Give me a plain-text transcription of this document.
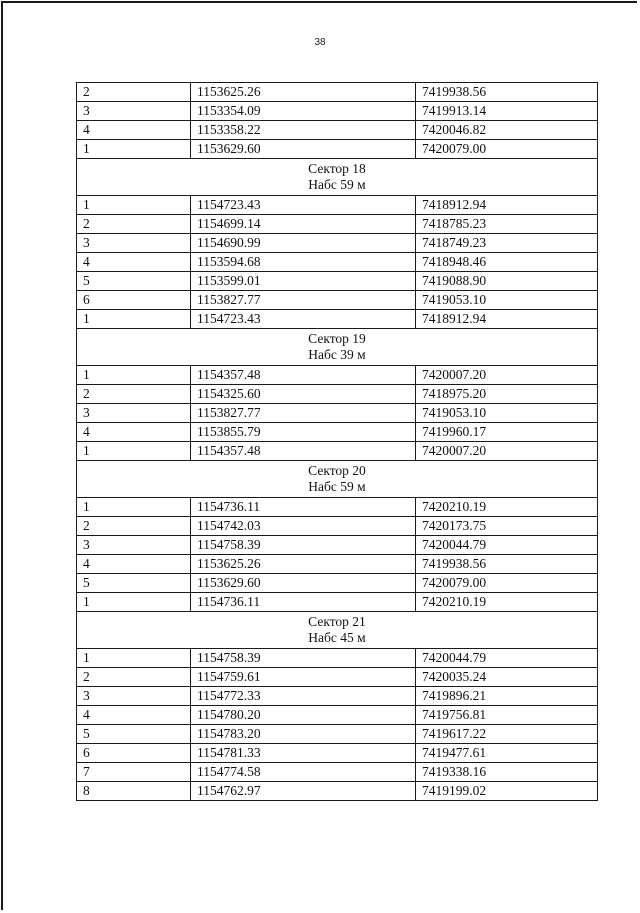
38
2	1153625.26	7419938.56
3	1153354.09	7419913.14
4	1153358.22	7420046.82
1	1153629.60	7420079.00

Сектор 18
Набс 59 м		

1	1154723.43	7418912.94
2	1154699.14	7418785.23
3	1154690.99	7418749.23
4	1153594.68	7418948.46
5	1153599.01	7419088.90
6	1153827.77	7419053.10
1	1154723.43	7418912.94

Сектор 19
Набс 39 м		

1	1154357.48	7420007.20
2	1154325.60	7418975.20
3	1153827.77	7419053.10
4	1153855.79	7419960.17
1	1154357.48	7420007.20

Сектор 20
Набс 59 м		

1	1154736.11	7420210.19
2	1154742.03	7420173.75
3	1154758.39	7420044.79
4	1153625.26	7419938.56
5	1153629.60	7420079.00
1	1154736.11	7420210.19

Сектор 21
Набс 45 м		

1	1154758.39	7420044.79
2	1154759.61	7420035.24
3	1154772.33	7419896.21
4	1154780.20	7419756.81
5	1154783.20	7419617.22
6	1154781.33	7419477.61
7	1154774.58	7419338.16
8	1154762.97	7419199.02
